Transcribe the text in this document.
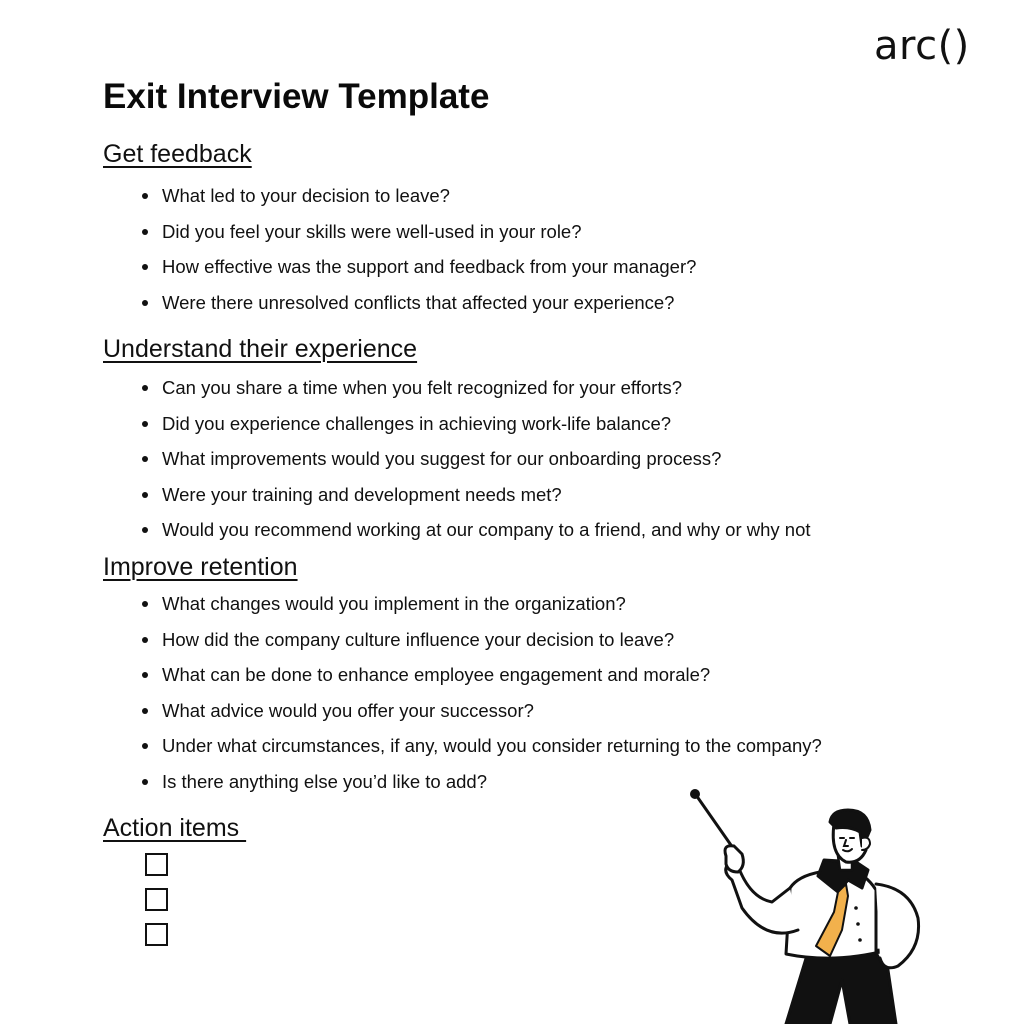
arc()
Exit Interview Template
Get feedback
What led to your decision to leave?
Did you feel your skills were well-used in your role?
How effective was the support and feedback from your manager?
Were there unresolved conflicts that affected your experience?
Understand their experience
Can you share a time when you felt recognized for your efforts?
Did you experience challenges in achieving work-life balance?
What improvements would you suggest for our onboarding process?
Were your training and development needs met?
Would you recommend working at our company to a friend, and why or why not
Improve retention
What changes would you implement in the organization?
How did the company culture influence your decision to leave?
What can be done to enhance employee engagement and morale?
What advice would you offer your successor?
Under what circumstances, if any, would you consider returning to the company?
Is there anything else you’d like to add?
Action items
